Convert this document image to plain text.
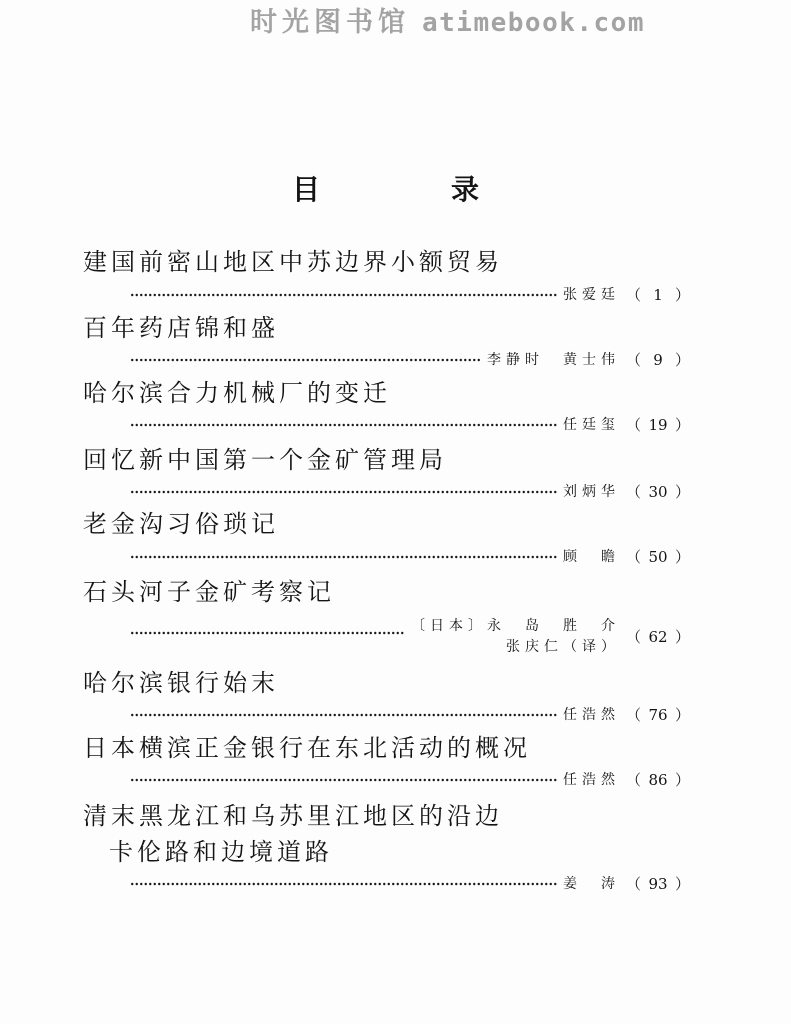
时光图书馆 atimebook.com
目　　录
建国前密山地区中苏边界小额贸易
张爱廷 （1）
百年药店锦和盛
李静时　黄士伟 （9）
哈尔滨合力机械厂的变迁
任廷玺 （19）
回忆新中国第一个金矿管理局
刘炳华 （30）
老金沟习俗琐记
顾　瞻 （50）
石头河子金矿考察记
〔日本〕永　岛　胜　介
张庆仁（译）
（62）
哈尔滨银行始末
任浩然 （76）
日本横滨正金银行在东北活动的概况
任浩然 （86）
清末黑龙江和乌苏里江地区的沿边
卡伦路和边境道路
姜　涛 （93）
